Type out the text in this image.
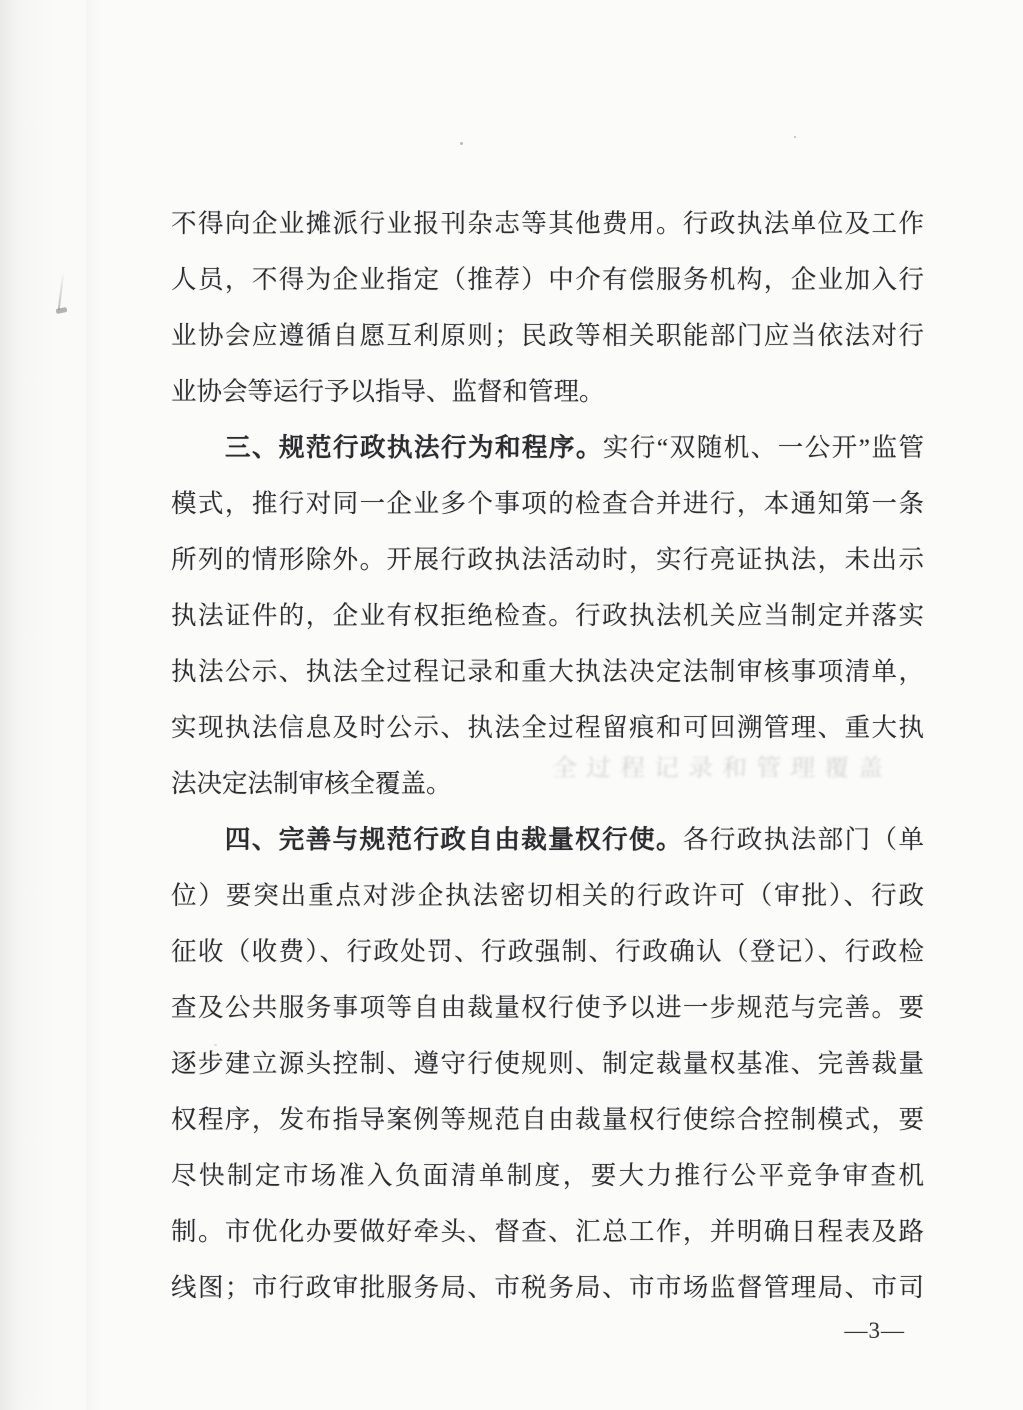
不得向企业摊派行业报刊杂志等其他费用。行政执法单位及工作
人员，不得为企业指定（推荐）中介有偿服务机构，企业加入行
业协会应遵循自愿互利原则；民政等相关职能部门应当依法对行
业协会等运行予以指导、监督和管理。
　　三、规范行政执法行为和程序。实行“双随机、一公开”监管
模式，推行对同一企业多个事项的检查合并进行，本通知第一条
所列的情形除外。开展行政执法活动时，实行亮证执法，未出示
执法证件的，企业有权拒绝检查。行政执法机关应当制定并落实
执法公示、执法全过程记录和重大执法决定法制审核事项清单，
实现执法信息及时公示、执法全过程留痕和可回溯管理、重大执
法决定法制审核全覆盖。
　　四、完善与规范行政自由裁量权行使。各行政执法部门（单
位）要突出重点对涉企执法密切相关的行政许可（审批）、行政
征收（收费）、行政处罚、行政强制、行政确认（登记）、行政检
查及公共服务事项等自由裁量权行使予以进一步规范与完善。要
逐步建立源头控制、遵守行使规则、制定裁量权基准、完善裁量
权程序，发布指导案例等规范自由裁量权行使综合控制模式，要
尽快制定市场准入负面清单制度，要大力推行公平竞争审查机
制。市优化办要做好牵头、督查、汇总工作，并明确日程表及路
线图；市行政审批服务局、市税务局、市市场监督管理局、市司
全过程记录和管理覆盖
—3—
